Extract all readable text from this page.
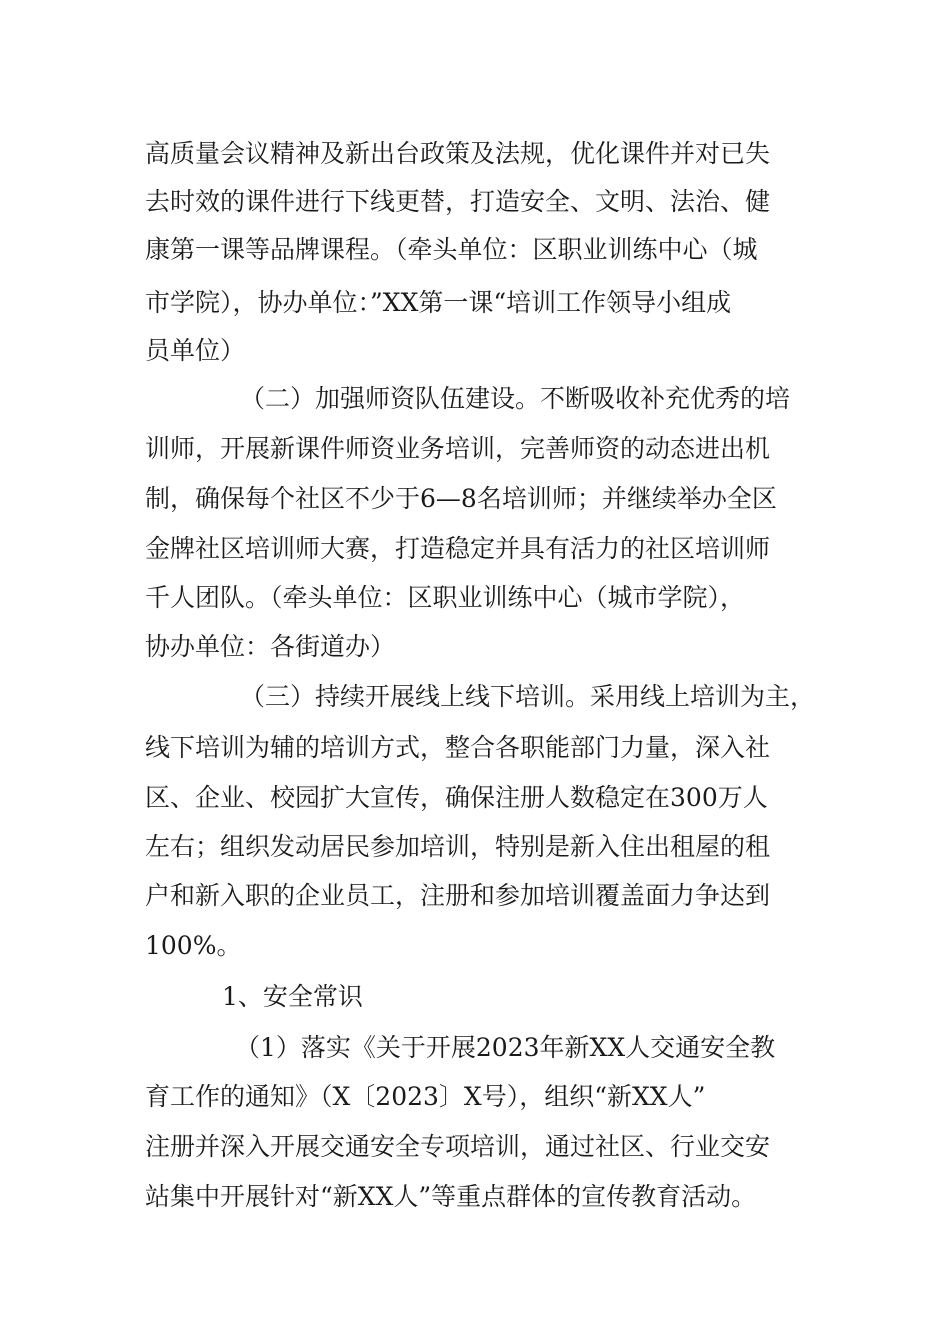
高质量会议精神及新出台政策及法规，优化课件并对已失
去时效的课件进行下线更替，打造安全、文明、法治、健
康第一课等品牌课程。（牵头单位：区职业训练中心（城
市学院），协办单位：”XX第一课“培训工作领导小组成
员单位）
（二）加强师资队伍建设。不断吸收补充优秀的培
训师，开展新课件师资业务培训，完善师资的动态进出机
制，确保每个社区不少于6—8名培训师；并继续举办全区
金牌社区培训师大赛，打造稳定并具有活力的社区培训师
千人团队。（牵头单位：区职业训练中心（城市学院），
协办单位：各街道办）
（三）持续开展线上线下培训。采用线上培训为主，
线下培训为辅的培训方式，整合各职能部门力量，深入社
区、企业、校园扩大宣传，确保注册人数稳定在300万人
左右；组织发动居民参加培训，特别是新入住出租屋的租
户和新入职的企业员工，注册和参加培训覆盖面力争达到
100%。
1、安全常识
（1）落实《关于开展2023年新XX人交通安全教
育工作的通知》（X〔2023〕X号），组织“新XX人”
注册并深入开展交通安全专项培训，通过社区、行业交安
站集中开展针对“新XX人”等重点群体的宣传教育活动。
